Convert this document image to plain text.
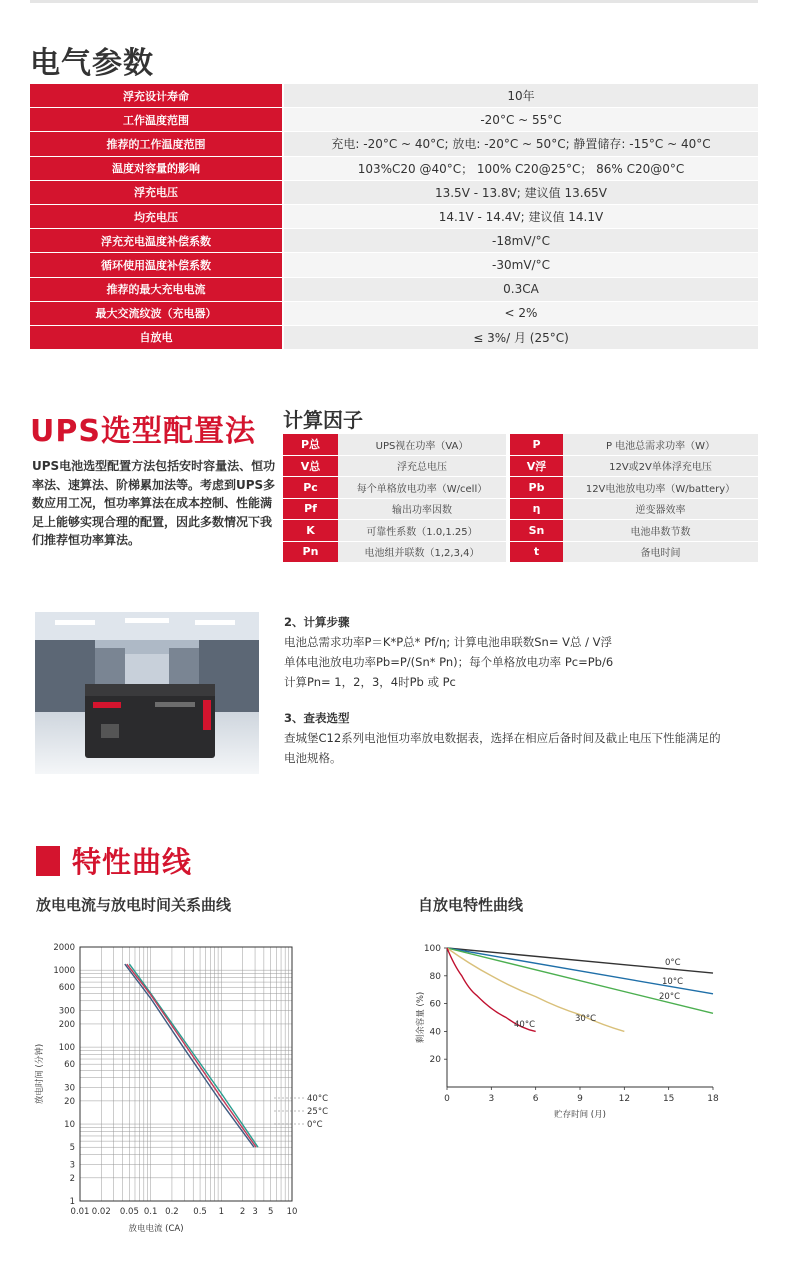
电气参数
浮充设计寿命	10年
工作温度范围	-20°C ~ 55°C
推荐的工作温度范围	充电: -20°C ~ 40°C; 放电: -20°C ~ 50°C; 静置储存: -15°C ~ 40°C
温度对容量的影响	103%C20 @40°C； 100% C20@25°C； 86% C20@0°C
浮充电压	13.5V - 13.8V; 建议值 13.65V
均充电压	14.1V - 14.4V; 建议值 14.1V
浮充充电温度补偿系数	-18mV/°C
循环使用温度补偿系数	-30mV/°C
推荐的最大充电电流	0.3CA
最大交流纹波（充电器）	< 2%
自放电	≤ 3%/ 月 (25°C)
UPS选型配置法

UPS电池选型配置方法包括安时容量法、恒功率法、速算法、阶梯累加法等。考虑到UPS多数应用工况，恒功率算法在成本控制、性能满足上能够实现合理的配置，因此多数情况下我们推荐恒功率算法。

计算因子
P总	UPS视在功率（VA）	P	P 电池总需求功率（W）
V总	浮充总电压	V浮	12V或2V单体浮充电压
Pc	每个单格放电功率（W/cell）	Pb	12V电池放电功率（W/battery）
Pf	输出功率因数	η	逆变器效率
K	可靠性系数（1.0,1.25）	Sn	电池串数节数
Pn	电池组并联数（1,2,3,4）	t	备电时间
2、计算步骤
电池总需求功率P＝K*P总* Pf/η; 计算电池串联数Sn= V总 / V浮
单体电池放电功率Pb=P/(Sn* Pn)；每个单格放电功率 Pc=Pb/6
计算Pn= 1，2，3，4时Pb 或 Pc
3、查表选型
查城堡C12系列电池恒功率放电数据表，选择在相应后备时间及截止电压下性能满足的
电池规格。
特性曲线
放电电流与放电时间关系曲线	自放电特性曲线
0.01 0.02 0.05 0.1 0.2 0.5 1 2 3 5 10
1
2
3
5
10
20
30
60
100
200
300
600
1000
2000
放电电流 (CA)
放电时间 (分钟)	40°C
25°C
0°C
0	3	6	9	12	15	18
20
40
60
80
100
贮存时间 (月)
剩余容量 (%)
0°C
10°C
20°C
30°C
40°C
